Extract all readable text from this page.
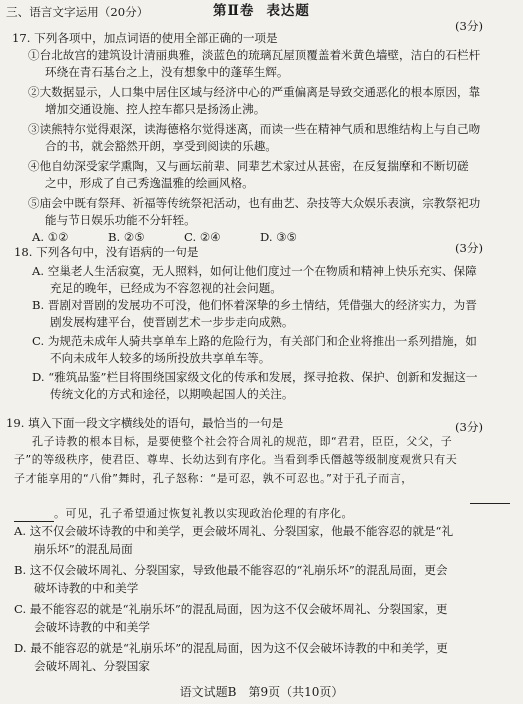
三、语言文字运用（20分）	第Ⅱ卷 表达题
(3分)
17. 下列各项中，加点词语的使用全部正确的一项是
①台北故宫的建筑设计清丽典雅，淡蓝色的琉璃瓦屋顶覆盖着米黄色墙壁，洁白的石栏杆
环绕在青石基台之上，没有想象中的蓬荜生辉。
②大数据显示，人口集中居住区域与经济中心的严重偏离是导致交通恶化的根本原因，靠
增加交通设施、控人控车都只是扬汤止沸。
③读熊特尔觉得艰深，读海德格尔觉得迷离，而读一些在精神气质和思维结构上与自己吻
合的书，就会豁然开朗，享受到阅读的乐趣。
④他自幼深受家学熏陶，又与画坛前辈、同辈艺术家过从甚密，在反复揣摩和不断切磋
之中，形成了自己秀逸温雅的绘画风格。
⑤庙会中既有祭拜、祈福等传统祭祀活动，也有曲艺、杂技等大众娱乐表演，宗教祭祀功
能与节日娱乐功能不分轩轾。
A. ①②	B. ②⑤	C. ②④	D. ③⑤
18. 下列各句中，没有语病的一句是	(3分)
A. 空巢老人生活寂寞，无人照料，如何让他们度过一个在物质和精神上快乐充实、保障
充足的晚年，已经成为不容忽视的社会问题。
B. 晋剧对晋剧的发展功不可没，他们怀着深挚的乡土情结，凭借强大的经济实力，为晋
剧发展构建平台，使晋剧艺术一步步走向成熟。
C. 为规范未成年人骑共享单车上路的危险行为，有关部门和企业将推出一系列措施，如
不向未成年人较多的场所投放共享单车等。
D. “雅筑品鉴”栏目将围绕国家级文化的传承和发展，探寻抢救、保护、创新和发掘这一
传统文化的方式和途径，以期唤起国人的关注。
19. 填入下面一段文字横线处的语句，最恰当的一句是	(3分)
孔子诗教的根本目标，是要使整个社会符合周礼的规范，即“君君，臣臣，父父，子
子”的等级秩序，使君臣、尊卑、长幼达到有序化。当看到季氏僭越等级制度观赏只有天
子才能享用的“八佾”舞时，孔子怒称：“是可忍，孰不可忍也。”对于孔子而言，
。可见，孔子希望通过恢复礼教以实现政治伦理的有序化。
A. 这不仅会破坏诗教的中和美学，更会破坏周礼、分裂国家，他最不能容忍的就是“礼
崩乐坏”的混乱局面
B. 这不仅会破坏周礼、分裂国家，导致他最不能容忍的“礼崩乐坏”的混乱局面，更会
破坏诗教的中和美学
C. 最不能容忍的就是“礼崩乐坏”的混乱局面，因为这不仅会破坏周礼、分裂国家，更
会破坏诗教的中和美学
D. 最不能容忍的就是“礼崩乐坏”的混乱局面，因为这不仅会破坏诗教的中和美学，更
会破坏周礼、分裂国家
语文试题B　第9页（共10页）
